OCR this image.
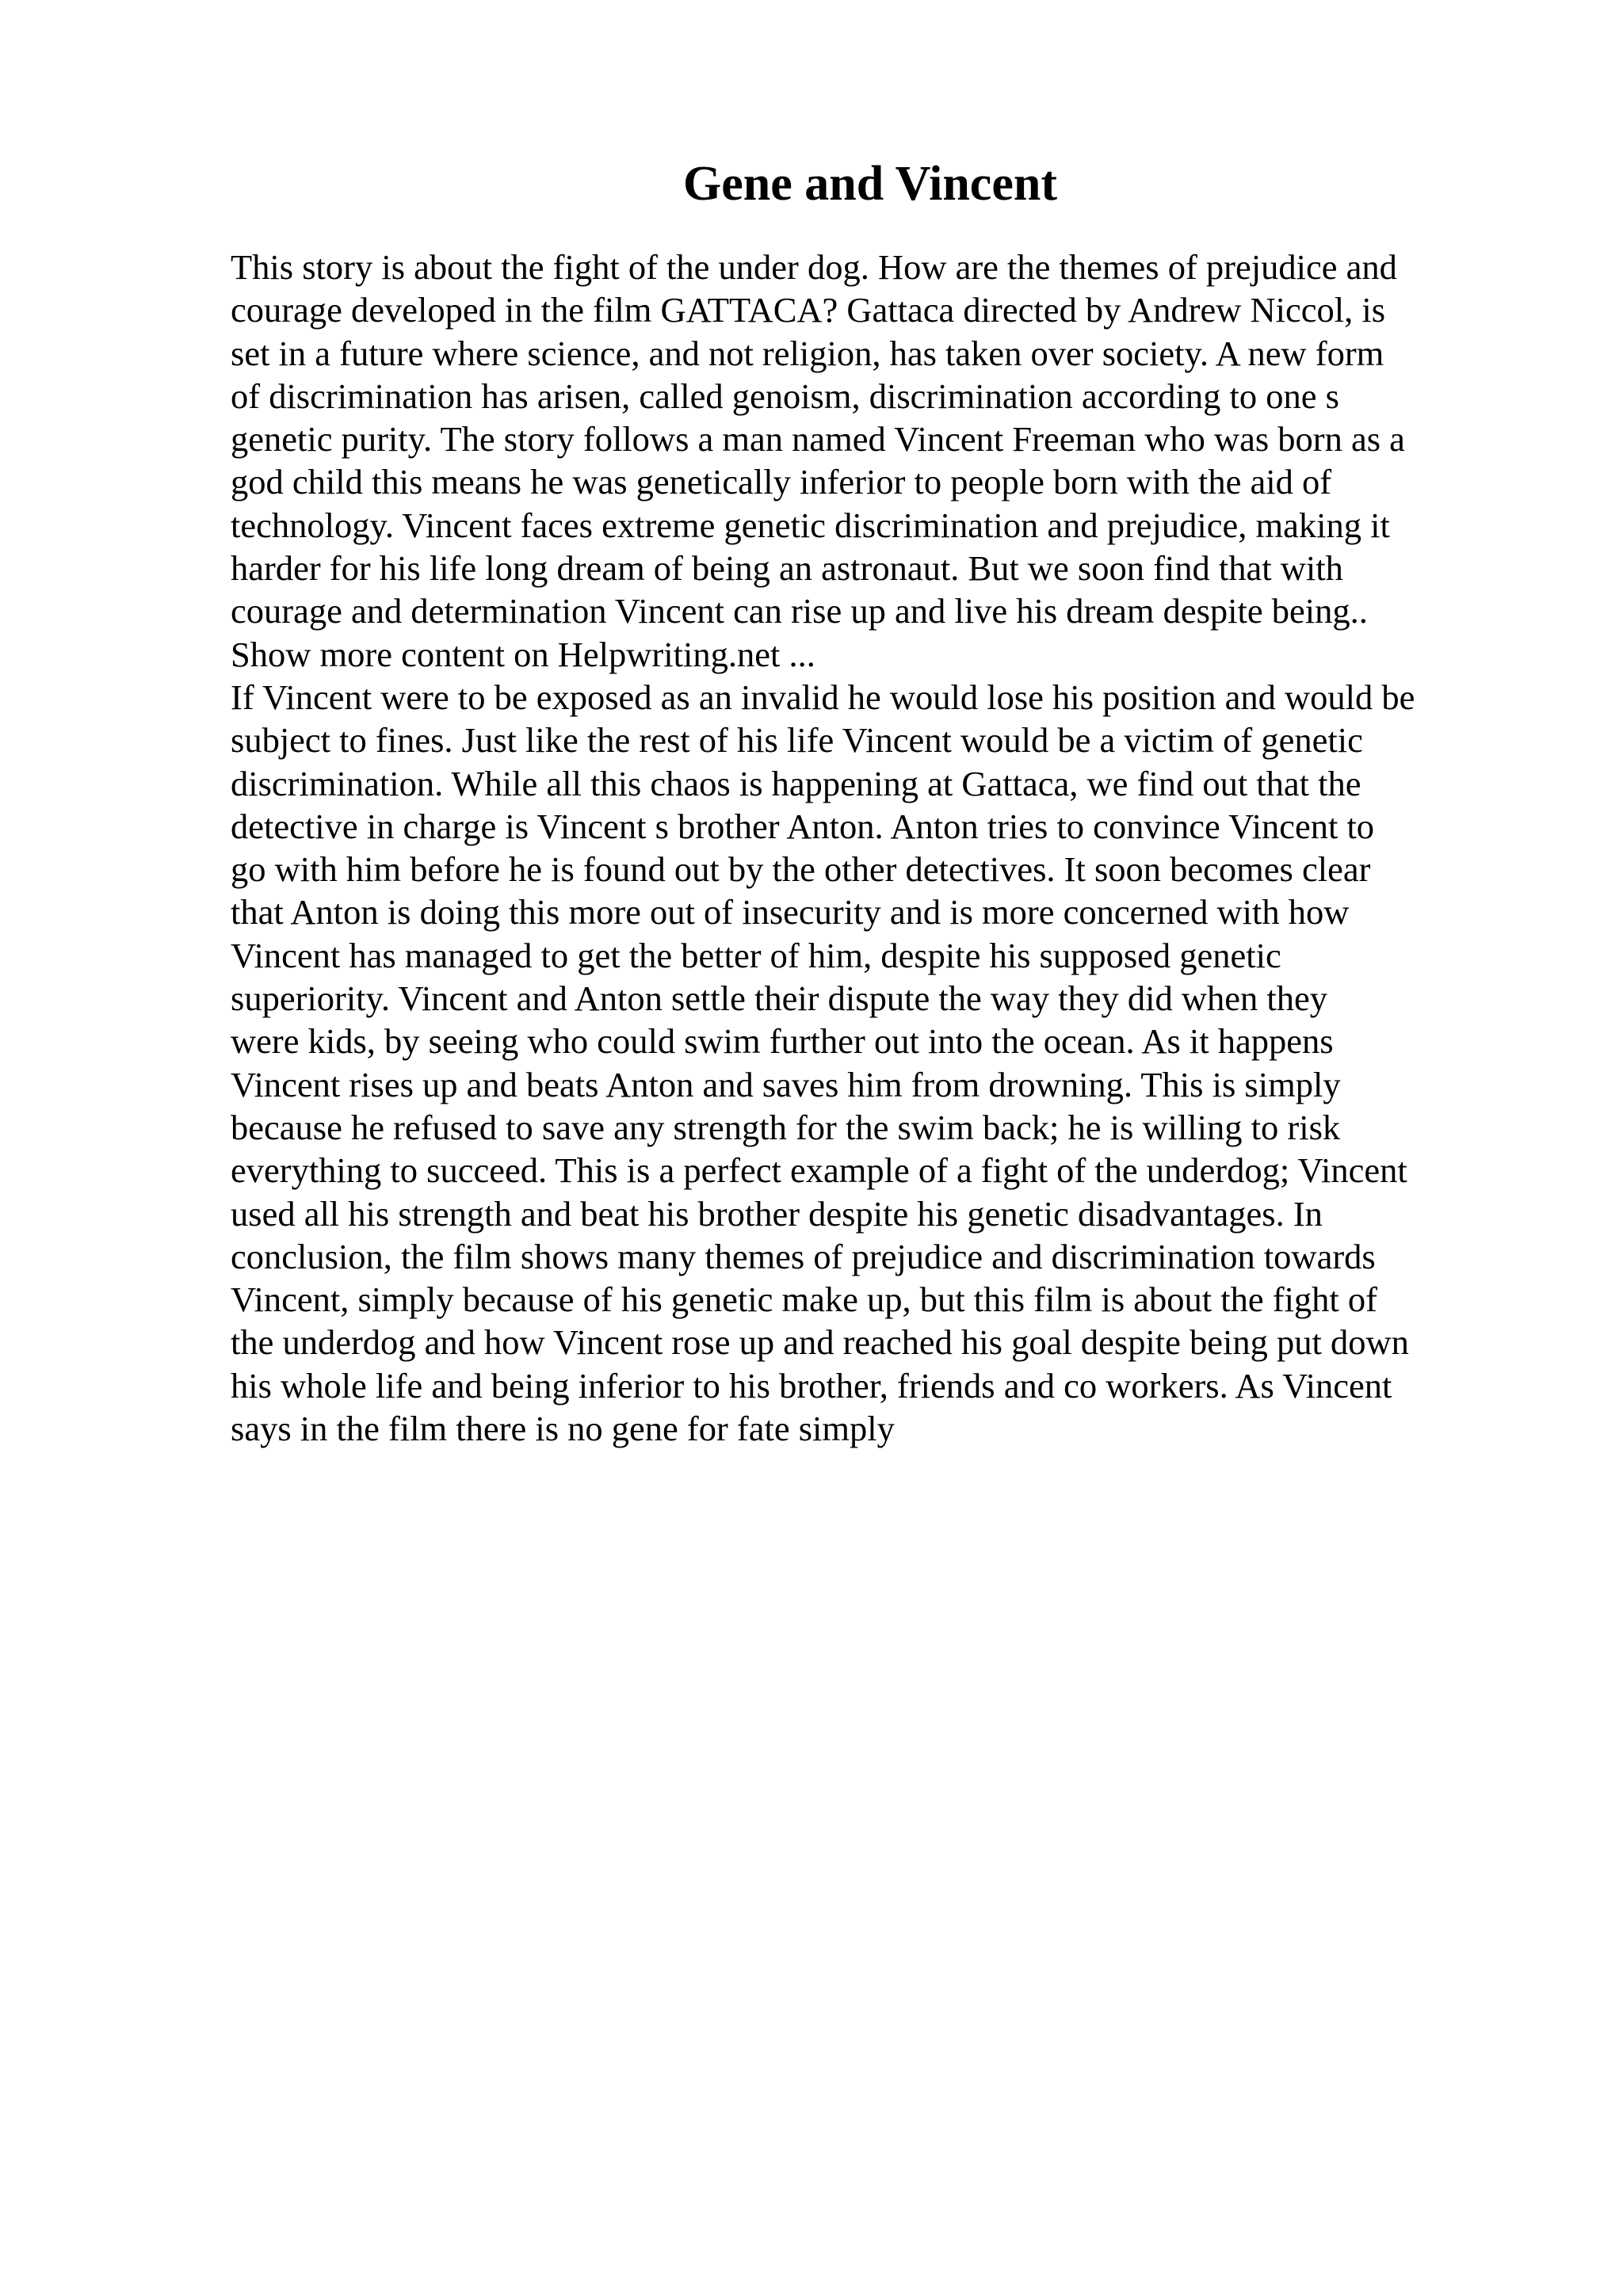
Gene and Vincent
This story is about the fight of the under dog. How are the themes of prejudice and
courage developed in the film GATTACA? Gattaca directed by Andrew Niccol, is
set in a future where science, and not religion, has taken over society. A new form
of discrimination has arisen, called genoism, discrimination according to one s
genetic purity. The story follows a man named Vincent Freeman who was born as a
god child this means he was genetically inferior to people born with the aid of
technology. Vincent faces extreme genetic discrimination and prejudice, making it
harder for his life long dream of being an astronaut. But we soon find that with
courage and determination Vincent can rise up and live his dream despite being..
Show more content on Helpwriting.net ...
If Vincent were to be exposed as an invalid he would lose his position and would be
subject to fines. Just like the rest of his life Vincent would be a victim of genetic
discrimination. While all this chaos is happening at Gattaca, we find out that the
detective in charge is Vincent s brother Anton. Anton tries to convince Vincent to
go with him before he is found out by the other detectives. It soon becomes clear
that Anton is doing this more out of insecurity and is more concerned with how
Vincent has managed to get the better of him, despite his supposed genetic
superiority. Vincent and Anton settle their dispute the way they did when they
were kids, by seeing who could swim further out into the ocean. As it happens
Vincent rises up and beats Anton and saves him from drowning. This is simply
because he refused to save any strength for the swim back; he is willing to risk
everything to succeed. This is a perfect example of a fight of the underdog; Vincent
used all his strength and beat his brother despite his genetic disadvantages. In
conclusion, the film shows many themes of prejudice and discrimination towards
Vincent, simply because of his genetic make up, but this film is about the fight of
the underdog and how Vincent rose up and reached his goal despite being put down
his whole life and being inferior to his brother, friends and co workers. As Vincent
says in the film there is no gene for fate simply
